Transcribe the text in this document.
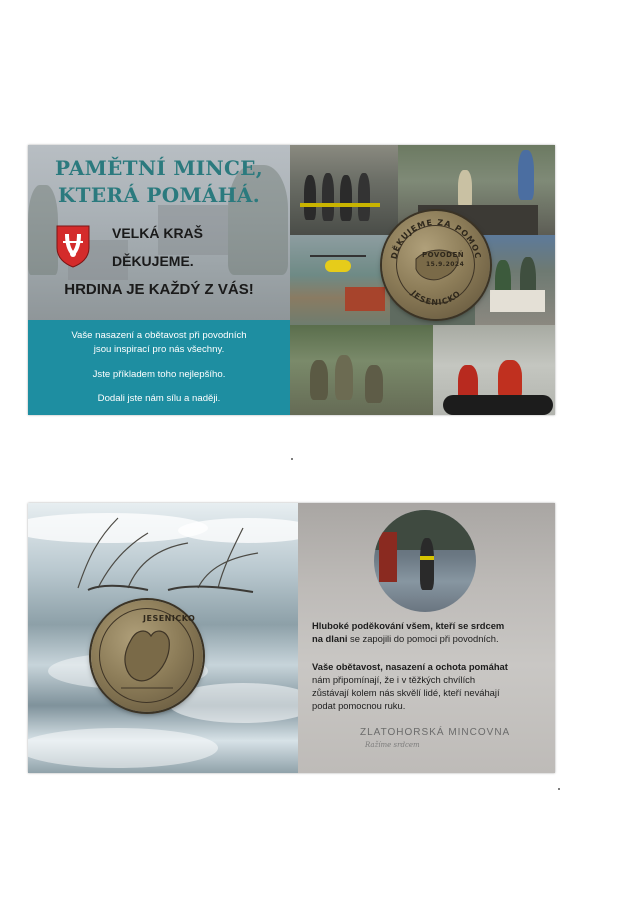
PAMĚTNÍ MINCE,
KTERÁ POMÁHÁ.
VELKÁ KRAŠ
DĚKUJEME.
HRDINA JE KAŽDÝ Z VÁS!
Vaše nasazení a obětavost při povodních
jsou inspirací pro nás všechny.
Jste příkladem toho nejlepšího.
Dodali jste nám sílu a naději.
DĚKUJEME ZA POMOC
JESENICKO
POVODEŇ
15.9.2024
JESENICKO
Hluboké poděkování všem, kteří se srdcem
na dlani se zapojili do pomoci při povodních.
Vaše obětavost, nasazení a ochota pomáhat
nám připomínají, že i v těžkých chvílích
zůstávají kolem nás skvělí lidé, kteří neváhají
podat pomocnou ruku.
ZLATOHORSKÁ MINCOVNA
Ražíme srdcem
